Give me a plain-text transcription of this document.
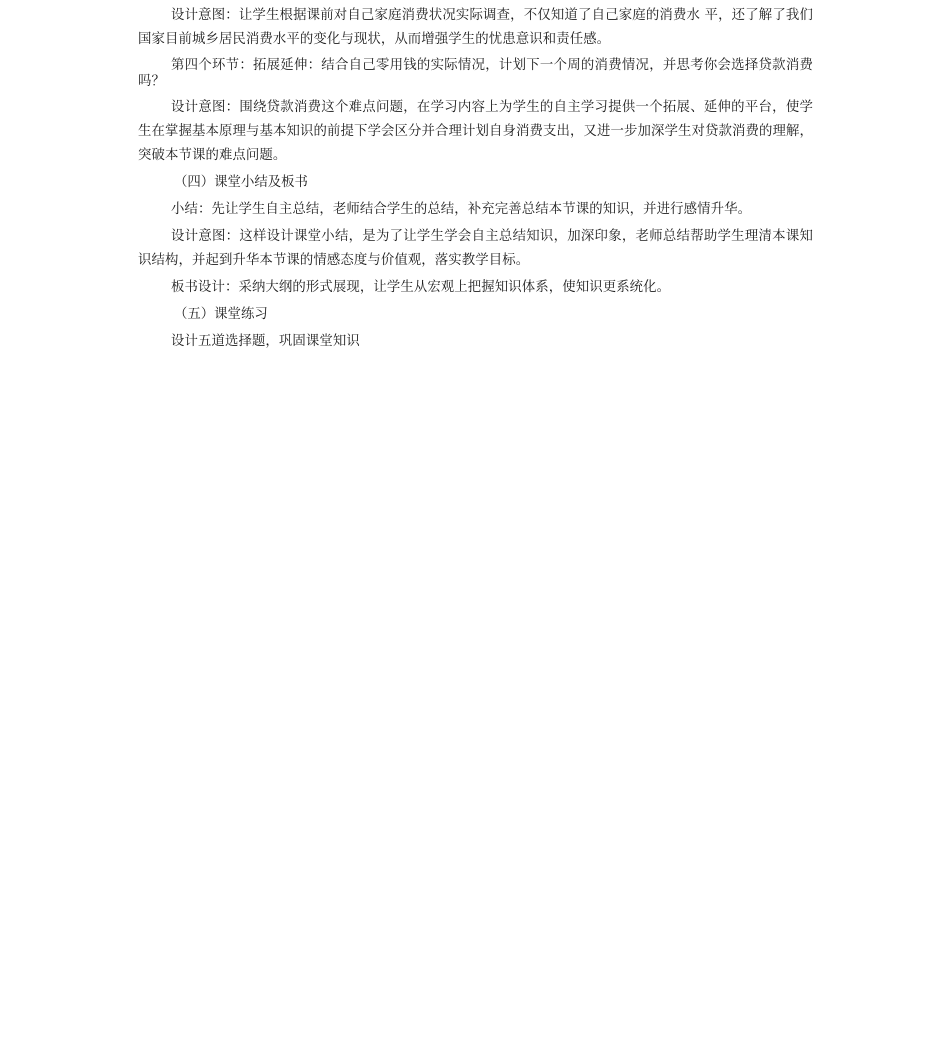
设计意图：让学生根据课前对自己家庭消费状况实际调查，不仅知道了自己家庭的消费水 平，还了解了我们国家目前城乡居民消费水平的变化与现状，从而增强学生的忧患意识和责任感。

第四个环节：拓展延伸：结合自己零用钱的实际情况，计划下一个周的消费情况，并思考你会选择贷款消费吗？

设计意图：围绕贷款消费这个难点问题，在学习内容上为学生的自主学习提供一个拓展、延伸的平台，使学生在掌握基本原理与基本知识的前提下学会区分并合理计划自身消费支出，又进一步加深学生对贷款消费的理解，突破本节课的难点问题。

（四）课堂小结及板书

小结：先让学生自主总结，老师结合学生的总结，补充完善总结本节课的知识，并进行感情升华。

设计意图：这样设计课堂小结，是为了让学生学会自主总结知识，加深印象，老师总结帮助学生理清本课知识结构，并起到升华本节课的情感态度与价值观，落实教学目标。

板书设计：采纳大纲的形式展现，让学生从宏观上把握知识体系，使知识更系统化。

（五）课堂练习

设计五道选择题，巩固课堂知识
